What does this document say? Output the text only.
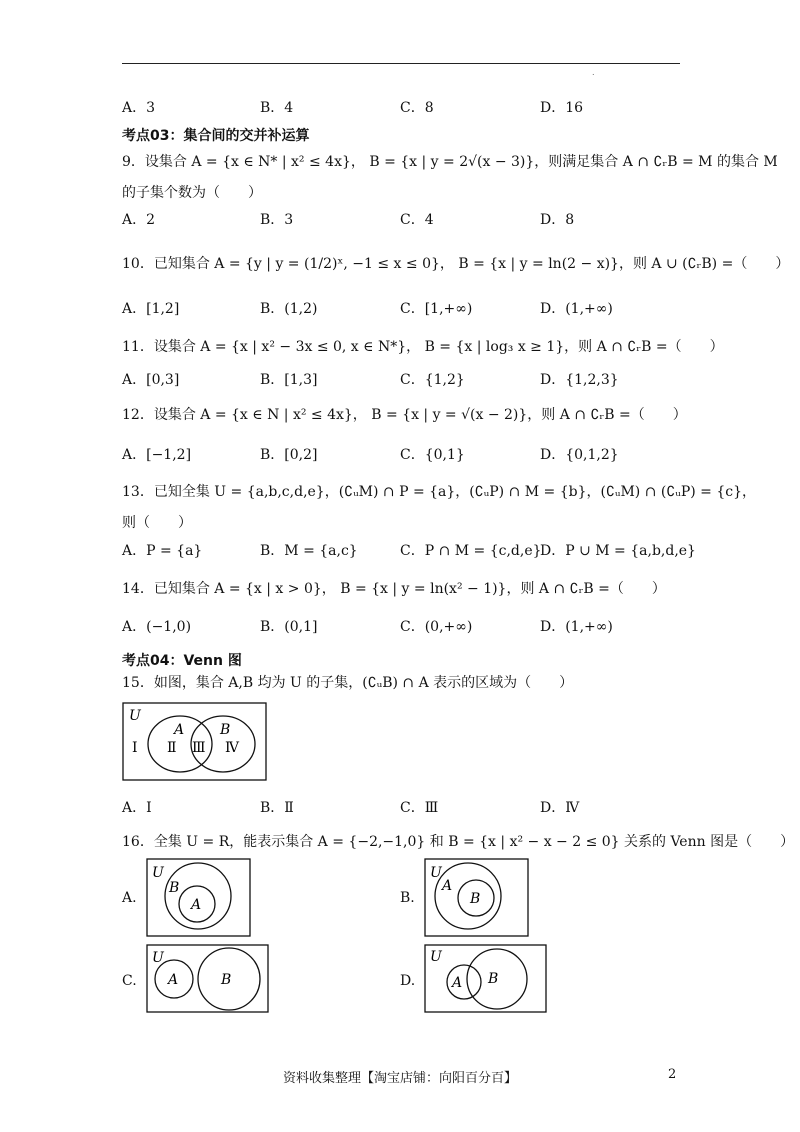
.
A．3	B．4	C．8	D．16
考点03：集合间的交并补运算
9．设集合 A = {x ∈ N* | x² ≤ 4x}， B = {x | y = 2√(x − 3)}，则满足集合 A ∩ ∁ᵣB = M 的集合 M
的子集个数为（　　）
A．2	B．3	C．4	D．8
10．已知集合 A = {y | y = (1/2)ˣ, −1 ≤ x ≤ 0}， B = {x | y = ln(2 − x)}，则 A ∪ (∁ᵣB) =（　　）
A．[1,2]	B．(1,2)	C．[1,+∞)	D．(1,+∞)
11．设集合 A = {x | x² − 3x ≤ 0, x ∈ N*}， B = {x | log₃ x ≥ 1}，则 A ∩ ∁ᵣB =（　　）
A．[0,3]	B．[1,3]	C．{1,2}	D．{1,2,3}
12．设集合 A = {x ∈ N | x² ≤ 4x}， B = {x | y = √(x − 2)}，则 A ∩ ∁ᵣB =（　　）
A．[−1,2]	B．[0,2]	C．{0,1}	D．{0,1,2}
13．已知全集 U = {a,b,c,d,e}，(∁ᵤM) ∩ P = {a}，(∁ᵤP) ∩ M = {b}，(∁ᵤM) ∩ (∁ᵤP) = {c}，
则（　　）
A．P = {a}	B．M = {a,c}	C．P ∩ M = {c,d,e}
D．P ∪ M = {a,b,d,e}
14．已知集合 A = {x | x > 0}， B = {x | y = ln(x² − 1)}，则 A ∩ ∁ᵣB =（　　）
A．(−1,0)	B．(0,1]	C．(0,+∞)	D．(1,+∞)
考点04：Venn 图
15．如图，集合 A,B 均为 U 的子集，(∁ᵤB) ∩ A 表示的区域为（　　）
U
A	B
Ⅰ Ⅱ Ⅲ Ⅳ
A．Ⅰ	B．Ⅱ	C．Ⅲ	D．Ⅳ
16．全集 U = R，能表示集合 A = {−2,−1,0} 和 B = {x | x² − x − 2 ≤ 0} 关系的 Venn 图是（　　）
A.
U
B
A	B.
U
A
B
C.
U
A	B	D.
U
A B
资料收集整理【淘宝店铺：向阳百分百】	2
